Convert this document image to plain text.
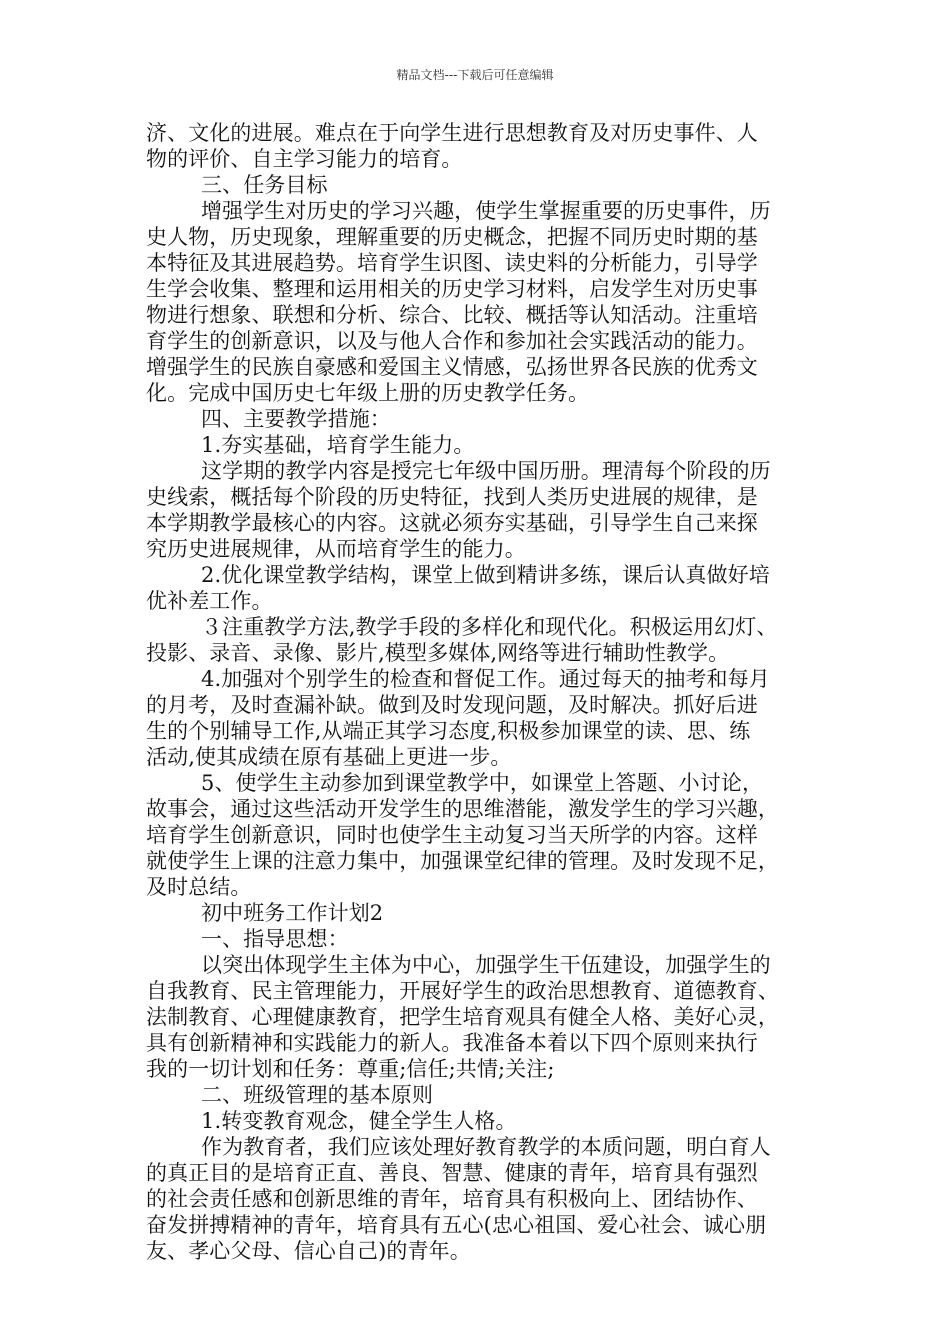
精品文档---下载后可任意编辑

济、文化的进展。难点在于向学生进行思想教育及对历史事件、人

物的评价、自主学习能力的培育。

三、任务目标

增强学生对历史的学习兴趣，使学生掌握重要的历史事件，历

史人物，历史现象，理解重要的历史概念，把握不同历史时期的基

本特征及其进展趋势。培育学生识图、读史料的分析能力，引导学

生学会收集、整理和运用相关的历史学习材料，启发学生对历史事

物进行想象、联想和分析、综合、比较、概括等认知活动。注重培

育学生的创新意识，以及与他人合作和参加社会实践活动的能力。

增强学生的民族自豪感和爱国主义情感，弘扬世界各民族的优秀文

化。完成中国历史七年级上册的历史教学任务。

四、主要教学措施：

1.夯实基础，培育学生能力。

这学期的教学内容是授完七年级中国历册。理清每个阶段的历

史线索，概括每个阶段的历史特征，找到人类历史进展的规律，是

本学期教学最核心的内容。这就必须夯实基础，引导学生自己来探

究历史进展规律，从而培育学生的能力。

2.优化课堂教学结构，课堂上做到精讲多练，课后认真做好培

优补差工作。

３注重教学方法,教学手段的多样化和现代化。积极运用幻灯、

投影、录音、录像、影片,模型多媒体,网络等进行辅助性教学。

4.加强对个别学生的检查和督促工作。通过每天的抽考和每月

的月考，及时查漏补缺。做到及时发现问题，及时解决。抓好后进

生的个别辅导工作,从端正其学习态度,积极参加课堂的读、思、练

活动,使其成绩在原有基础上更进一步。

5、使学生主动参加到课堂教学中，如课堂上答题、小讨论，

故事会，通过这些活动开发学生的思维潜能，激发学生的学习兴趣，

培育学生创新意识，同时也使学生主动复习当天所学的内容。这样

就使学生上课的注意力集中，加强课堂纪律的管理。及时发现不足，

及时总结。

初中班务工作计划2

一、指导思想：

以突出体现学生主体为中心，加强学生干伍建设，加强学生的

自我教育、民主管理能力，开展好学生的政治思想教育、道德教育、

法制教育、心理健康教育，把学生培育观具有健全人格、美好心灵，

具有创新精神和实践能力的新人。我准备本着以下四个原则来执行

我的一切计划和任务：尊重;信任;共情;关注;

二、班级管理的基本原则

1.转变教育观念，健全学生人格。

作为教育者，我们应该处理好教育教学的本质问题，明白育人

的真正目的是培育正直、善良、智慧、健康的青年，培育具有强烈

的社会责任感和创新思维的青年，培育具有积极向上、团结协作、

奋发拼搏精神的青年，培育具有五心(忠心祖国、爱心社会、诚心朋

友、孝心父母、信心自己)的青年。
